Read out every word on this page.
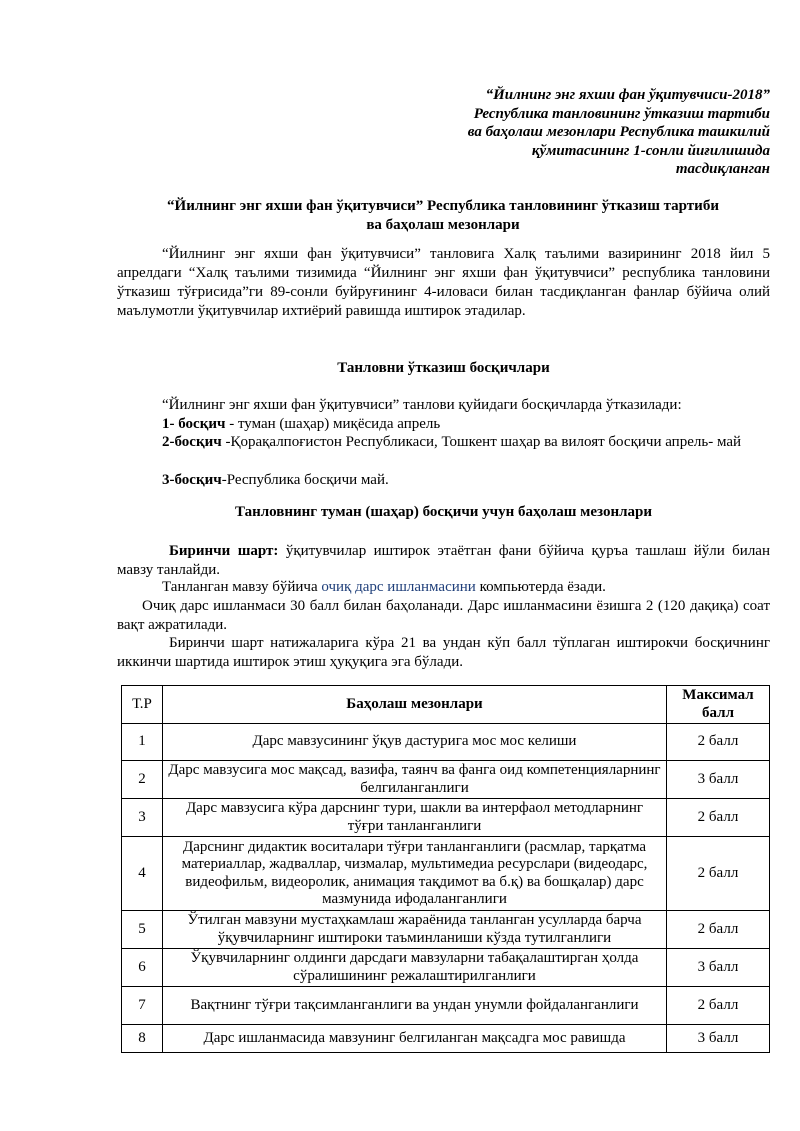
“Йилнинг энг яхши фан ўқитувчиси-2018”
Республика танловининг ўтказиш тартиби
ва баҳолаш мезонлари Республика ташкилий
қўмитасининг 1-сонли йиғилишида
тасдиқланган
“Йилнинг энг яхши фан ўқитувчиси” Республика танловининг ўтказиш тартиби
ва баҳолаш мезонлари
“Йилнинг энг яхши фан ўқитувчиси” танловига Халқ таълими вазирининг 2018 йил 5 апрелдаги “Халқ таълими тизимида “Йилнинг энг яхши фан ўқитувчиси” республика танловини ўтказиш тўғрисида”ги 89-сонли буйруғининг 4-иловаси билан тасдиқланган фанлар бўйича олий маълумотли ўқитувчилар ихтиёрий равишда иштирок этадилар.
Танловни ўтказиш босқичлари
“Йилнинг энг яхши фан ўқитувчиси” танлови қуйидаги босқичларда ўтказилади:
1- босқич - туман (шаҳар) миқёсида апрель
2-босқич -Қорақалпоғистон Республикаси, Тошкент шаҳар ва вилоят босқичи апрель- май
3-босқич-Республика босқичи май.
Танловнинг туман (шаҳар) босқичи учун баҳолаш мезонлари
Биринчи шарт: ўқитувчилар иштирок этаётган фани бўйича қуръа ташлаш йўли билан мавзу танлайди.
Танланган мавзу бўйича очиқ дарс ишланмасини компьютерда ёзади.
Очиқ дарс ишланмаси 30 балл билан баҳоланади. Дарс ишланмасини ёзишга 2 (120 дақиқа) соат вақт ажратилади.
Биринчи шарт натижаларига кўра 21 ва ундан кўп балл тўплаган иштирокчи босқичнинг иккинчи шартида иштирок этиш ҳуқуқига эга бўлади.
Т.Р	Баҳолаш мезонлари	Максимал балл
1	Дарс мавзусининг ўқув дастурига мос мос келиши	2 балл
2	Дарс мавзусига мос мақсад, вазифа, таянч ва фанга оид компетенцияларнинг белгиланганлиги	3 балл
3	Дарс мавзусига кўра дарснинг тури, шакли ва интерфаол методларнинг тўғри танланганлиги	2 балл
4	Дарснинг дидактик воситалари тўғри танланганлиги (расмлар, тарқатма материаллар, жадваллар, чизмалар, мультимедиа ресурслари (видеодарс, видеофильм, видеоролик, анимация тақдимот ва б.қ) ва бошқалар) дарс мазмунида ифодаланганлиги	2 балл
5	Ўтилган мавзуни мустаҳкамлаш жараёнида танланган усулларда барча ўқувчиларнинг иштироки таъминланиши кўзда тутилганлиги	2 балл
6	Ўқувчиларнинг олдинги дарсдаги мавзуларни табақалаштирган ҳолда сўралишининг режалаштирилганлиги	3 балл
7	Вақтнинг тўғри тақсимланганлиги ва ундан унумли фойдаланганлиги	2 балл
8	Дарс ишланмасида мавзунинг белгиланган мақсадга мос равишда	3 балл
